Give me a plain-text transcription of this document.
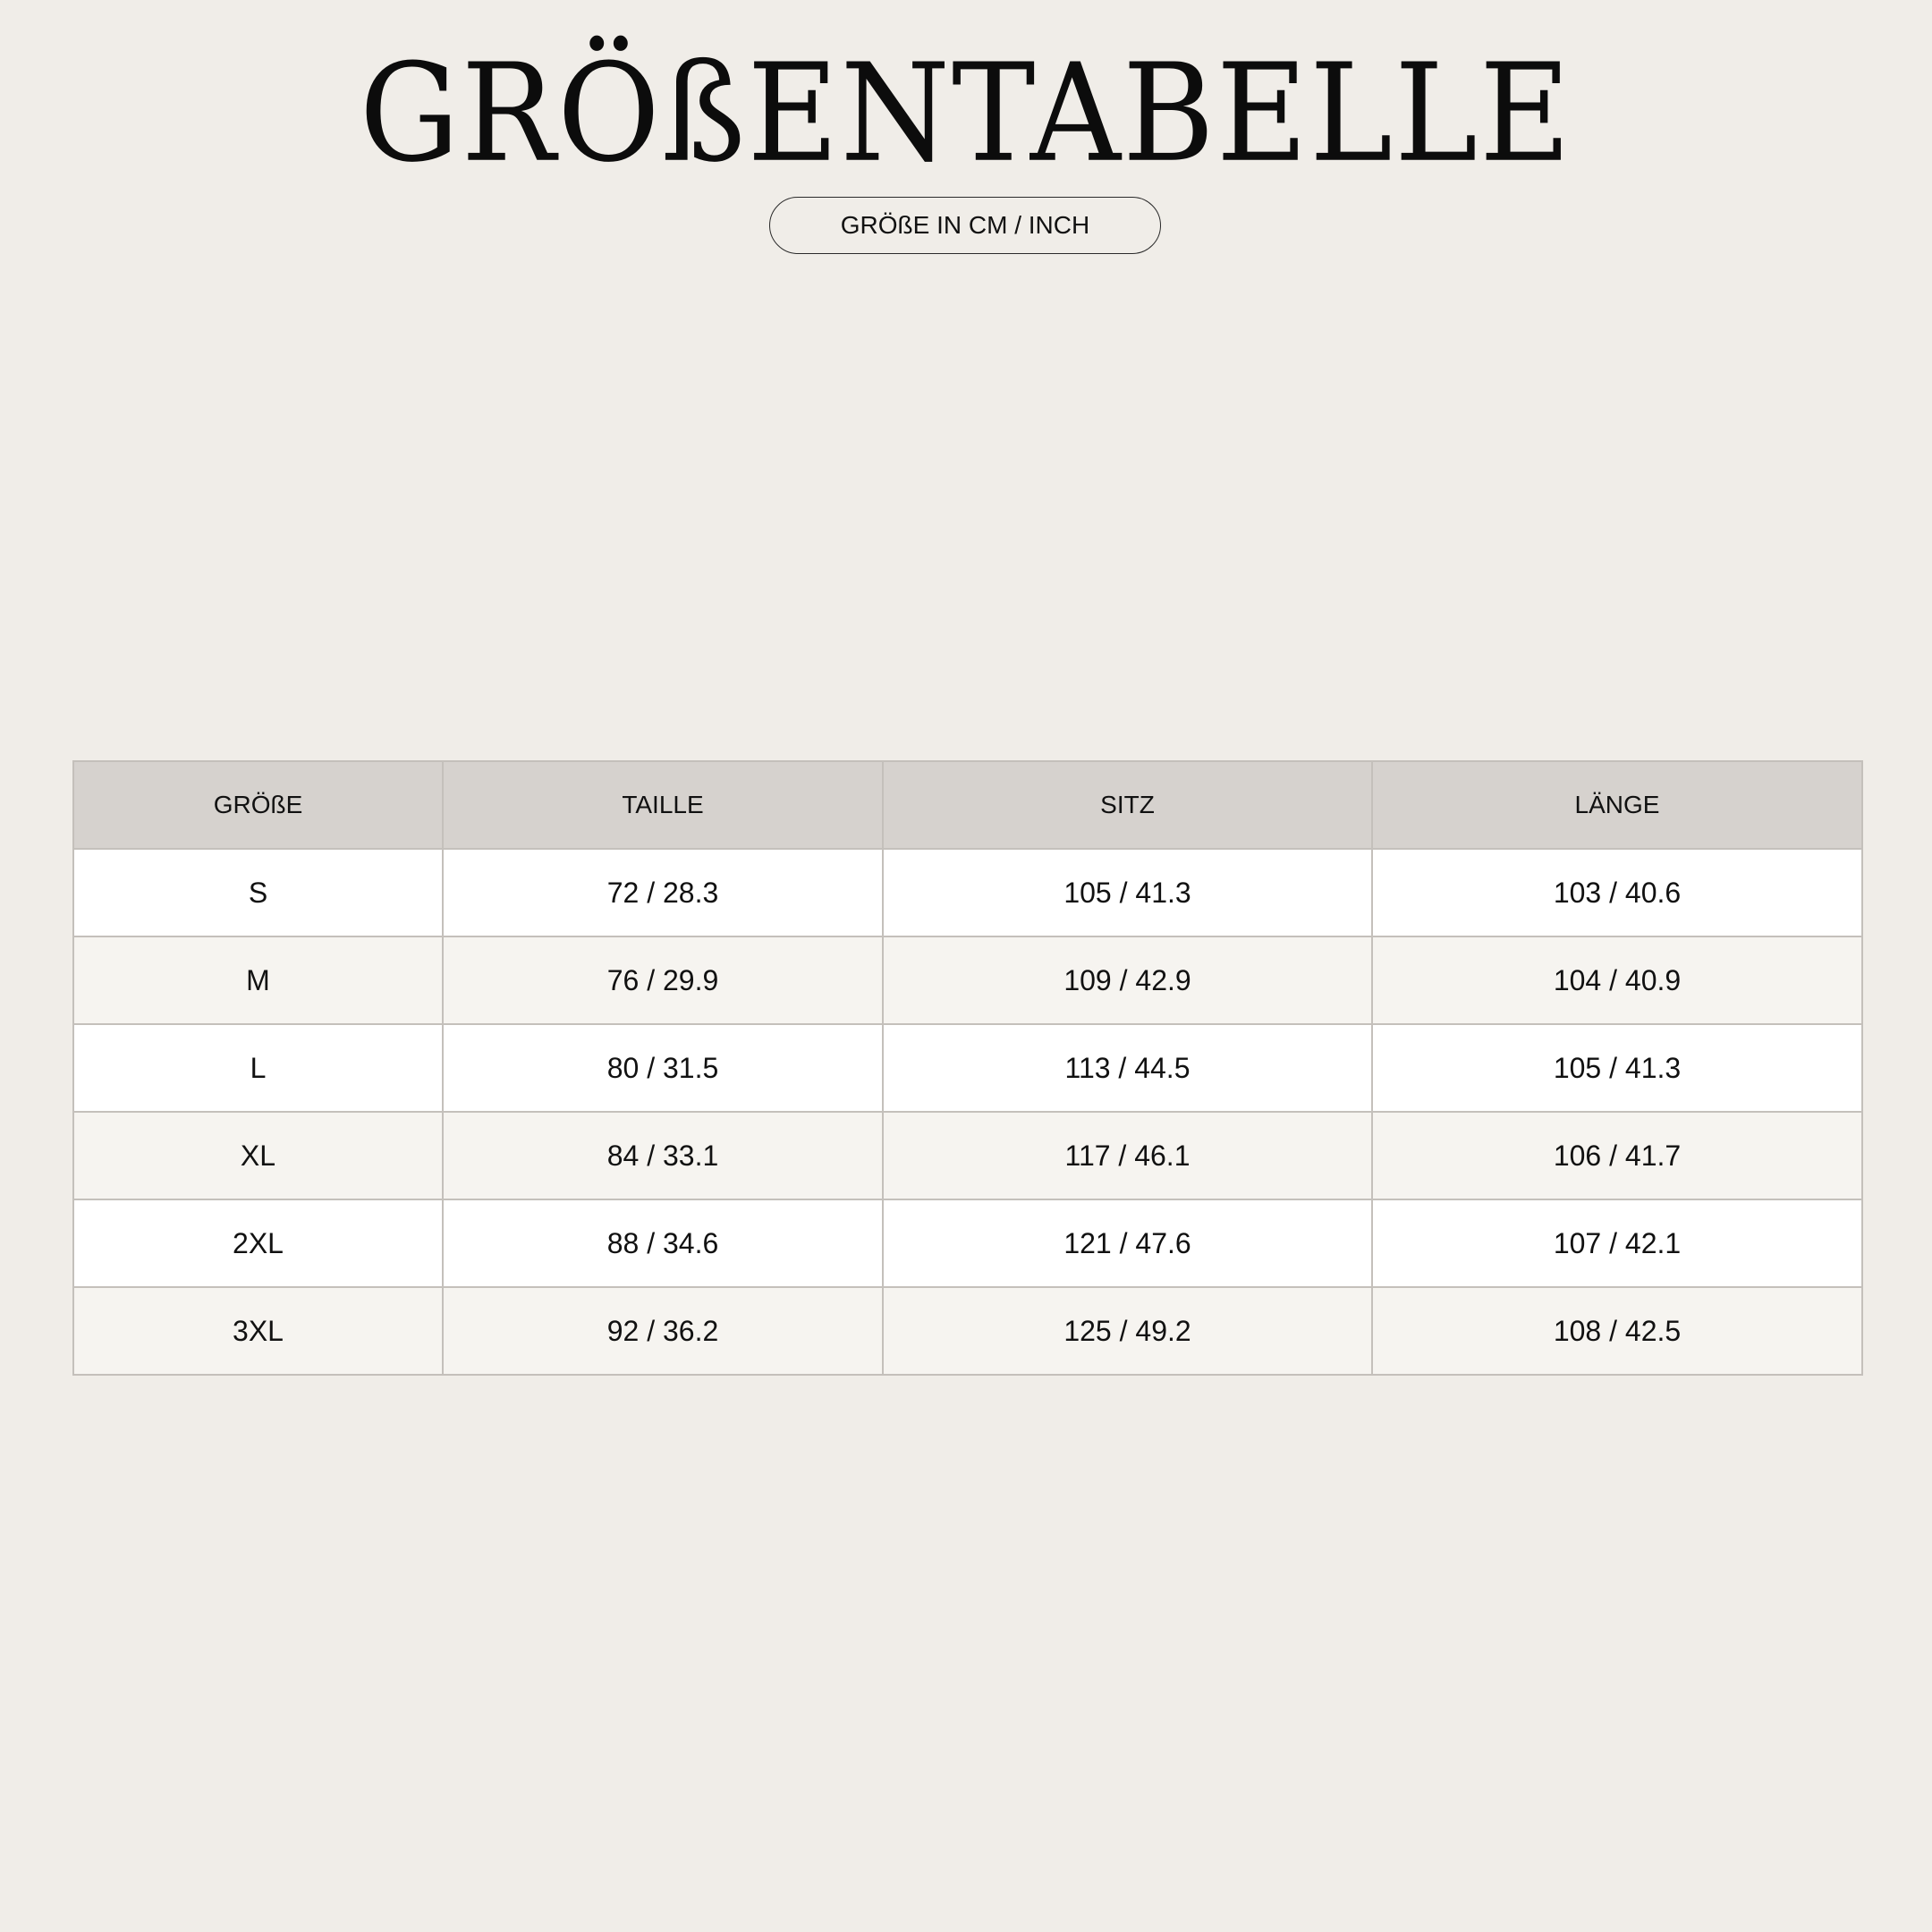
GRÖßENTABELLE
GRÖßE IN CM / INCH
GRÖßE	TAILLE	SITZ	LÄNGE
S	72 / 28.3	105 / 41.3	103 / 40.6
M	76 / 29.9	109 / 42.9	104 / 40.9
L	80 / 31.5	113 / 44.5	105 / 41.3
XL	84 / 33.1	117 / 46.1	106 / 41.7
2XL	88 / 34.6	121 / 47.6	107 / 42.1
3XL	92 / 36.2	125 / 49.2	108 / 42.5
